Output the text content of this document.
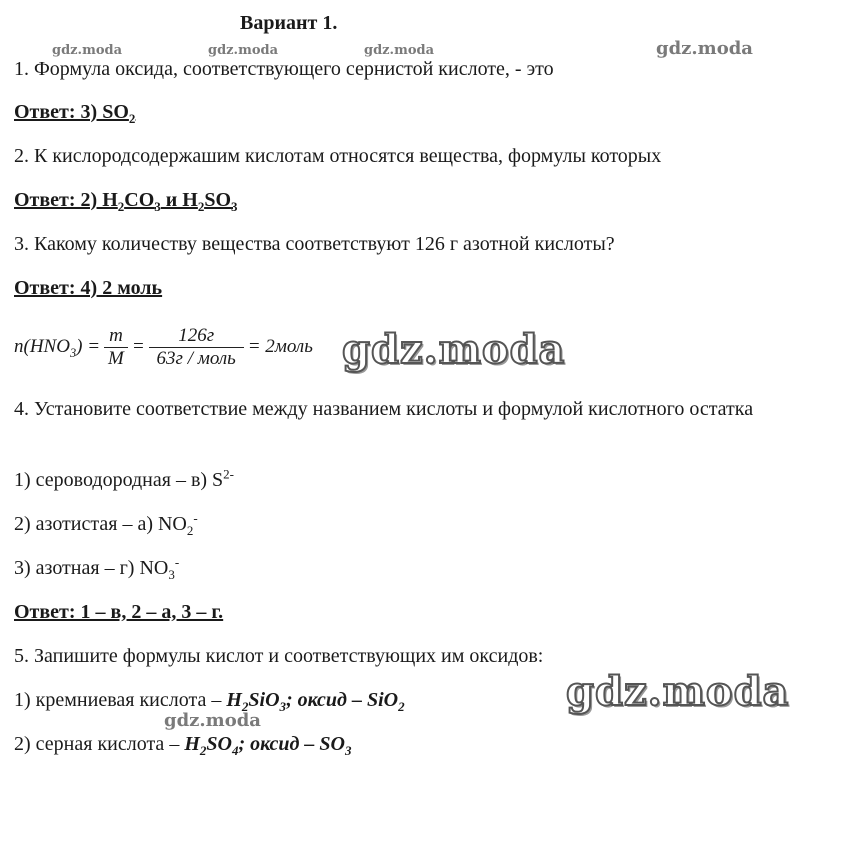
Вариант 1.
gdz.moda	gdz.moda	gdz.moda	gdz.moda
1. Формула оксида, соответствующего сернистой кислоте, - это
Ответ: 3) $SO_2$
2. К кислородсодержашим кислотам относятся вещества, формулы которых
Ответ: 2) $H_2CO_3$ и $H_2SO_3$
3. Какому количеству вещества соответствуют 126 г азотной кислоты?
Ответ: 4) 2 моль
$n(HNO_3) = \frac{m}{M} = \frac{126г}{\text{63г / моль}}$ = 2моль gdz.moda
4. Установите соответствие между названием кислоты и формулой кислотного остатка
1) сероводородная – в) $S^{2-}$
2) азотистая – а) $NO_2^-$
3) азотная – г) $NO_3^-$
Ответ: 1 – в, 2 – а, 3 – г.
5. Запишите формулы кислот и соответствующих им оксидов:
1) кремниевая кислота – $H_2SiO_3$; оксид – SiO$_2$	gdz.moda
gdz.moda
2) серная кислота – $H_2SO_4$; оксид – $SO_3$
